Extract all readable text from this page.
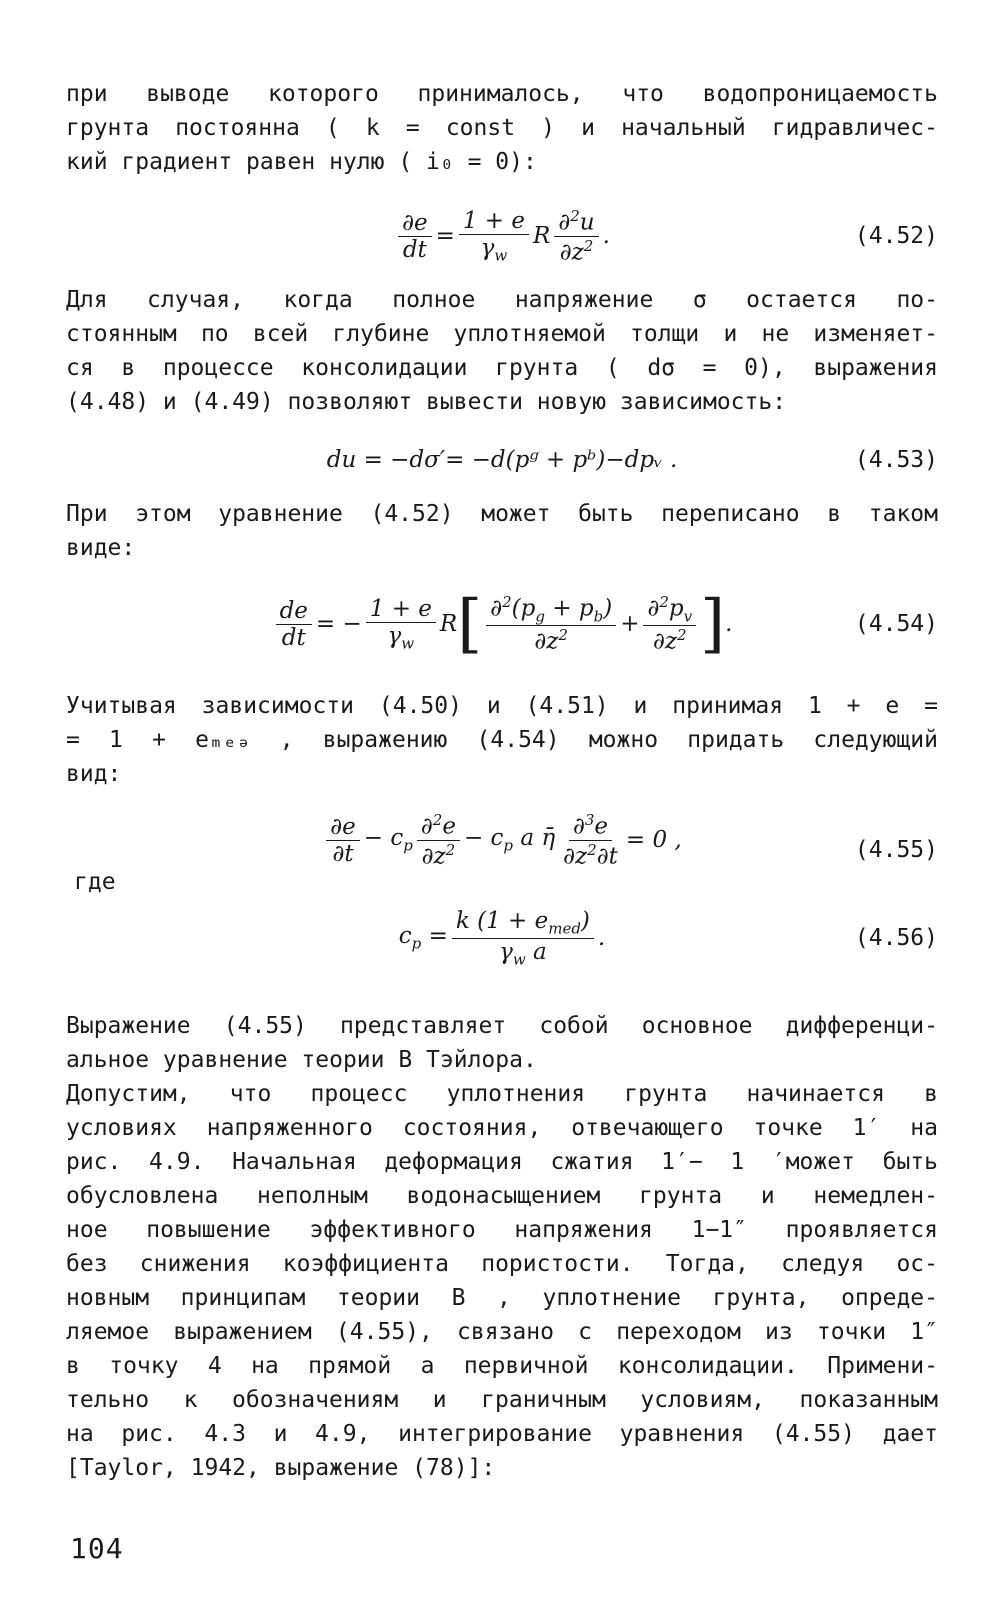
при выводе которого принималось, что водопроницаемость

грунта постоянна ( k = const ) и начальный гидравличес-

кий градиент равен нулю ( i₀ = 0):

$\frac{\partial e}{dt} = \frac{1 + e}{\gamma_w}$ R $\frac{\partial^2u}{\partial z^2}$ .	(4.52)

Для случая, когда полное напряжение σ остается по-

стоянным по всей глубине уплотняемой толщи и не изменяет-

ся в процессе консолидации грунта ( dσ = 0), выражения

(4.48) и (4.49) позволяют вывести новую зависимость:

du = −dσ′= −d(pᵍ + pᵇ)−dpᵥ .	(4.53)

При этом уравнение (4.52) может быть переписано в таком

виде:

$\frac{de}{dt}$ = − $\frac{1 + e}{\gamma_w}$ R [ $\frac{\partial^2(p_g + p_b)}{\partial z^2} + \frac{\partial^2p_v}{\partial z^2}$ ] .	(4.54)

Учитывая зависимости (4.50) и (4.51) и принимая 1 + e =

= 1 + eₘₑₔ , выражению (4.54) можно придать следующий

вид:

$\frac{\partial e}{\partial t} - c_p \frac{\partial^2e}{\partial z^2} - c_p$ a η̄ $\frac{\partial^3e}{\partial z^2\partial t} = 0$ ,	(4.55)

где

$c_p = \frac{k (1 + e_{med})}{\gamma_w a}$ .	(4.56)

Выражение (4.55) представляет собой основное дифференци-

альное уравнение теории B Тэйлора.

Допустим, что процесс уплотнения грунта начинается в

условиях напряженного состояния, отвечающего точке 1′ на

рис. 4.9. Начальная деформация сжатия 1′− 1 ′может быть

обусловлена неполным водонасыщением грунта и немедлен-

ное повышение эффективного напряжения 1−1″ проявляется

без снижения коэффициента пористости. Тогда, следуя ос-

новным принципам теории B , уплотнение грунта, опреде-

ляемое выражением (4.55), связано с переходом из точки 1″

в точку 4 на прямой a первичной консолидации. Примени-

тельно к обозначениям и граничным условиям, показанным

на рис. 4.3 и 4.9, интегрирование уравнения (4.55) дает

[Taylor, 1942, выражение (78)]:

104
